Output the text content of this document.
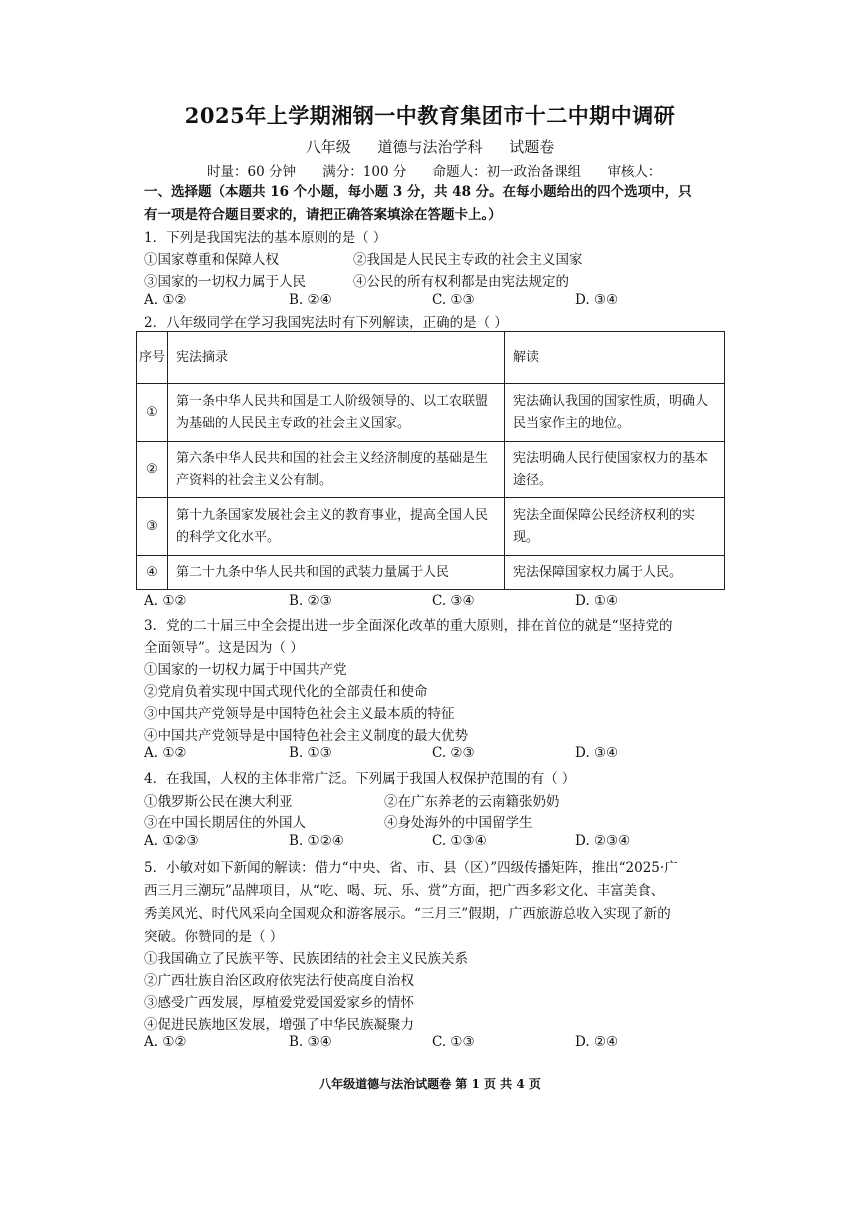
2025年上学期湘钢一中教育集团市十二中期中调研
八年级 道德与法治学科 试题卷
时量：60 分钟 满分：100 分 命题人：初一政治备课组 审核人：
一、选择题（本题共 16 个小题，每小题 3 分，共 48 分。在每小题给出的四个选项中，只
有一项是符合题目要求的，请把正确答案填涂在答题卡上。）
1．下列是我国宪法的基本原则的是（ ）
①国家尊重和保障人权	②我国是人民民主专政的社会主义国家
③国家的一切权力属于人民	④公民的所有权利都是由宪法规定的
A. ①②	B. ②④	C. ①③	D. ③④
2．八年级同学在学习我国宪法时有下列解读，正确的是（ ）
序号	宪法摘录	解读
①	第一条中华人民共和国是工人阶级领导的、以工农联盟为基础的人民民主专政的社会主义国家。	宪法确认我国的国家性质，明确人民当家作主的地位。
②	第六条中华人民共和国的社会主义经济制度的基础是生产资料的社会主义公有制。	宪法明确人民行使国家权力的基本途径。
③	第十九条国家发展社会主义的教育事业，提高全国人民的科学文化水平。	宪法全面保障公民经济权利的实现。
④	第二十九条中华人民共和国的武装力量属于人民	宪法保障国家权力属于人民。
A. ①②	B. ②③	C. ③④	D. ①④
3．党的二十届三中全会提出进一步全面深化改革的重大原则，排在首位的就是“坚持党的
全面领导”。这是因为（ ）
①国家的一切权力属于中国共产党
②党肩负着实现中国式现代化的全部责任和使命
③中国共产党领导是中国特色社会主义最本质的特征
④中国共产党领导是中国特色社会主义制度的最大优势
A. ①②	B. ①③	C. ②③	D. ③④
4．在我国，人权的主体非常广泛。下列属于我国人权保护范围的有（ ）
①俄罗斯公民在澳大利亚	②在广东养老的云南籍张奶奶
③在中国长期居住的外国人	④身处海外的中国留学生
A. ①②③	B. ①②④	C. ①③④	D. ②③④
5．小敏对如下新闻的解读：借力“中央、省、市、县（区）”四级传播矩阵，推出“2025·广
西三月三潮玩”品牌项目，从“吃、喝、玩、乐、赏”方面，把广西多彩文化、丰富美食、
秀美风光、时代风采向全国观众和游客展示。“三月三”假期，广西旅游总收入实现了新的
突破。你赞同的是（ ）
①我国确立了民族平等、民族团结的社会主义民族关系
②广西壮族自治区政府依宪法行使高度自治权
③感受广西发展，厚植爱党爱国爱家乡的情怀
④促进民族地区发展，增强了中华民族凝聚力
A. ①②	B. ③④	C. ①③	D. ②④
八年级道德与法治试题卷 第 1 页 共 4 页
